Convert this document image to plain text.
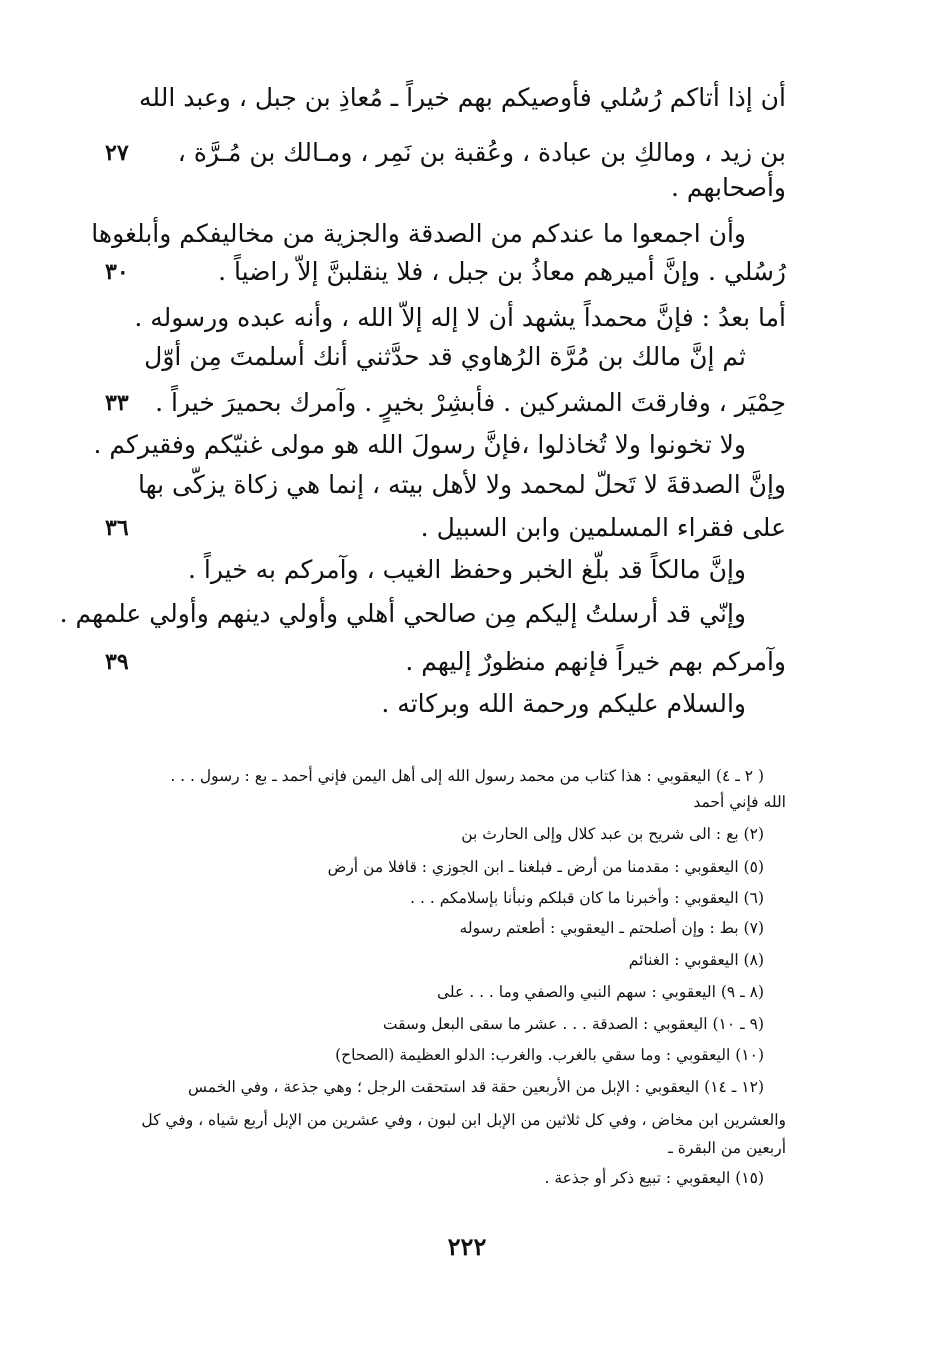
أن إذا أتاكم رُسُلي فأوصيكم بهم خيراً ـ مُعاذِ بن جبل ، وعبد الله
بن زيد ، ومالكِ بن عبادة ، وعُقبة بن نَمِر ، ومـالك بن مُـرَّة ،
وأصحابهم .
وأن اجمعوا ما عندكم من الصدقة والجزية من مخاليفكم وأبلغوها
رُسُلي . وإنَّ أميرهم معاذُ بن جبل ، فلا ينقلبنَّ إلاّ راضياً .
أما بعدُ : فإنَّ محمداً يشهد أن لا إله إلاّ الله ، وأنه عبده ورسوله .
ثم إنَّ مالك بن مُرَّة الرُهاوي قد حدَّثني أنك أسلمتَ مِن أوّل
حِمْيَر ، وفارقتَ المشركين . فأبشِرْ بخيرٍ . وآمرك بحميرَ خيراً .
ولا تخونوا ولا تُخاذلوا ،فإنَّ رسولَ الله هو مولى غنيّكم وفقيركم .
وإنَّ الصدقةَ لا تَحلّ لمحمد ولا لأهل بيته ، إنما هي زكاة يزكّى بها
على فقراء المسلمين وابن السبيل .
وإنَّ مالكاً قد بلّغ الخبر وحفظ الغيب ، وآمركم به خيراً .
وإنّي قد أرسلتُ إليكم مِن صالحي أهلي وأولي دينهم وأولي علمهم .
وآمركم بهم خيراً فإنهم منظورٌ إليهم .
والسلام عليكم ورحمة الله وبركاته .
٢٧
٣٠
٣٣
٣٦
٣٩
( ٢ ـ ٤) اليعقوبي : هذا كتاب من محمد رسول الله إلى أهل اليمن فإني أحمد ـ بع : رسول . . .
الله فإني أحمد
(٢) بع : الى شريح بن عبد كلال وإلى الحارث بن
(٥) اليعقوبي : مقدمنا من أرض ـ فبلغنا ـ ابن الجوزي : قافلا من أرض
(٦) اليعقوبي : وأخبرنا ما كان قبلكم ونبأنا بإسلامكم . . .
(٧) بط : وإن أصلحتم ـ اليعقوبي : أطعتم رسوله
(٨) اليعقوبي : الغنائم
(٨ ـ ٩) اليعقوبي : سهم النبي والصفي وما . . . على
(٩ ـ ١٠) اليعقوبي : الصدقة . . . عشر ما سقى البعل وسقت
(١٠) اليعقوبي : وما سقي بالغرب. والغرب: الدلو العظيمة (الصحاح)
(١٢ ـ ١٤) اليعقوبي : الإبل من الأربعين حقة قد استحقت الرجل ؛ وهي جذعة ، وفي الخمس
والعشرين ابن مخاض ، وفي كل ثلاثين من الإبل ابن لبون ، وفي عشرين من الإبل أربع شياه ، وفي كل
أربعين من البقرة ـ
(١٥) اليعقوبي : تبيع ذكر أو جذعة .
٢٢٢
